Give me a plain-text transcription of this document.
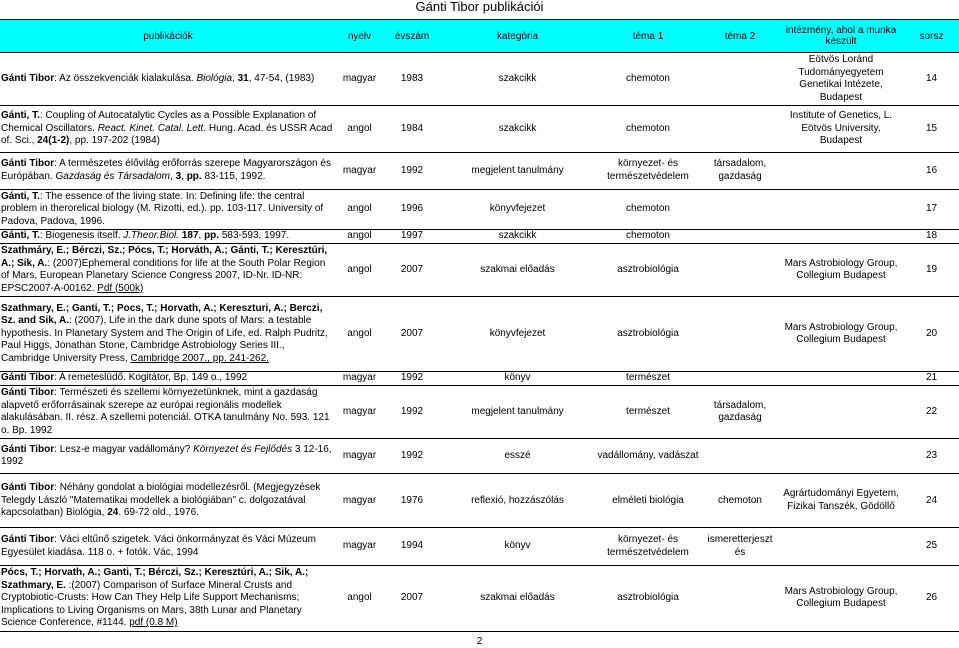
Gánti Tibor publikációi
publikációk	nyelv	évszám	kategória	téma 1	téma 2	intézmény, ahol a munka készült	sorsz
Gánti Tibor: Az összekvenciák kialakulása. Biológia, 31, 47-54, (1983)	magyar	1983	szakcikk	chemoton		Eötvös Loránd Tudományegyetem Genetikai Intézete, Budapest	14
Gánti, T.: Coupling of Autocatalytic Cycles as a Possible Explanation of Chemical Oscillators. React. Kinet. Catal. Lett. Hung. Acad. és USSR Acad of. Sci., 24(1-2), pp. 197-202 (1984)	angol	1984	szakcikk	chemoton		Institute of Genetics, L. Eötvös University, Budapest	15
Gánti Tibor: A természetes élővilág erőforrás szerepe Magyarországon és Európában. Gazdaság és Társadalom, 3, pp. 83-115, 1992.	magyar	1992	megjelent tanulmány	környezet- és természetvédelem	társadalom, gazdaság		16
Gánti, T.: The essence of the living state. In: Defining life: the central problem in therorelical biology (M. Rizotti, ed.). pp. 103-117. University of Padova, Padova, 1996.	angol	1996	könyvfejezet	chemoton			17
Gánti, T.: Biogenesis itself. J.Theor.Biol. 187, pp. 583-593, 1997.	angol	1997	szakcikk	chemoton			18
Szathmáry, E.; Bérczi, Sz.; Pócs, T.; Horváth, A.; Gánti, T.; Keresztúri, A.; Sik, A.: (2007)Ephemeral conditions for life at the South Polar Region of Mars, European Planetary Science Congress 2007, ID-Nr. ID-NR: EPSC2007-A-00162. Pdf (500k)	angol	2007	szakmai előadás	asztrobiológia		Mars Astrobiology Group, Collegium Budapest	19
Szathmary, E.; Ganti, T.; Pocs, T.; Horvath, A.; Kereszturi, A.; Berczi, Sz. and Sik, A.: (2007), Life in the dark dune spots of Mars: a testable hypothesis. In Planetary System and The Origin of Life, ed. Ralph Pudritz, Paul Higgs, Jonathan Stone, Cambridge Astrobiology Series III., Cambridge University Press, Cambridge 2007., pp. 241-262.	angol	2007	könyvfejezet	asztrobiológia		Mars Astrobiology Group, Collegium Budapest	20
Gánti Tibor: A remeteslüdő. Kogitátor, Bp. 149 o., 1992	magyar	1992	könyv	természet			21
Gánti Tibor: Természeti és szellemi környezetünknek, mint a gazdaság alapvető erőforrásainak szerepe az európai regionális modellek alakulásában. II. rész. A szellemi potenciál. OTKA tanulmány No. 593. 121 o. Bp. 1992	magyar	1992	megjelent tanulmány	természet	társadalom, gazdaság		22
Gánti Tibor: Lesz-e magyar vadállomány? Környezet és Fejlődés 3 12-16, 1992	magyar	1992	esszé	vadállomány, vadászat			23
Gánti Tibor: Néhány gondolat a biológiai modellezésről. (Megjegyzések Telegdy László "Matematikai modellek a biológiában" c. dolgozatával kapcsolatban) Biológia, 24. 69-72 old., 1976.	magyar	1976	reflexió, hozzászólás	elméleti biológia	chemoton	Agrártudományi Egyetem, Fizikai Tanszék, Gödöllő	24
Gánti Tibor: Váci eltűnő szigetek. Váci önkormányzat és Váci Múzeum Egyesület kiadása. 118 o. + fotók. Vác, 1994	magyar	1994	könyv	környezet- és természetvédelem	ismeretterjeszt és		25
Pócs, T.; Horvath, A.; Ganti, T.; Bérczi, Sz.; Keresztúri, A.; Sik, A.; Szathmary, E. :(2007) Comparison of Surface Mineral Crusts and Cryptobiotic-Crusts: How Can They Help Life Support Mechanisms; Implications to Living Organisms on Mars, 38th Lunar and Planetary Science Conference, #1144. pdf (0.8 M)	angol	2007	szakmai előadás	asztrobiológia		Mars Astrobiology Group, Collegium Budapest	26
2
